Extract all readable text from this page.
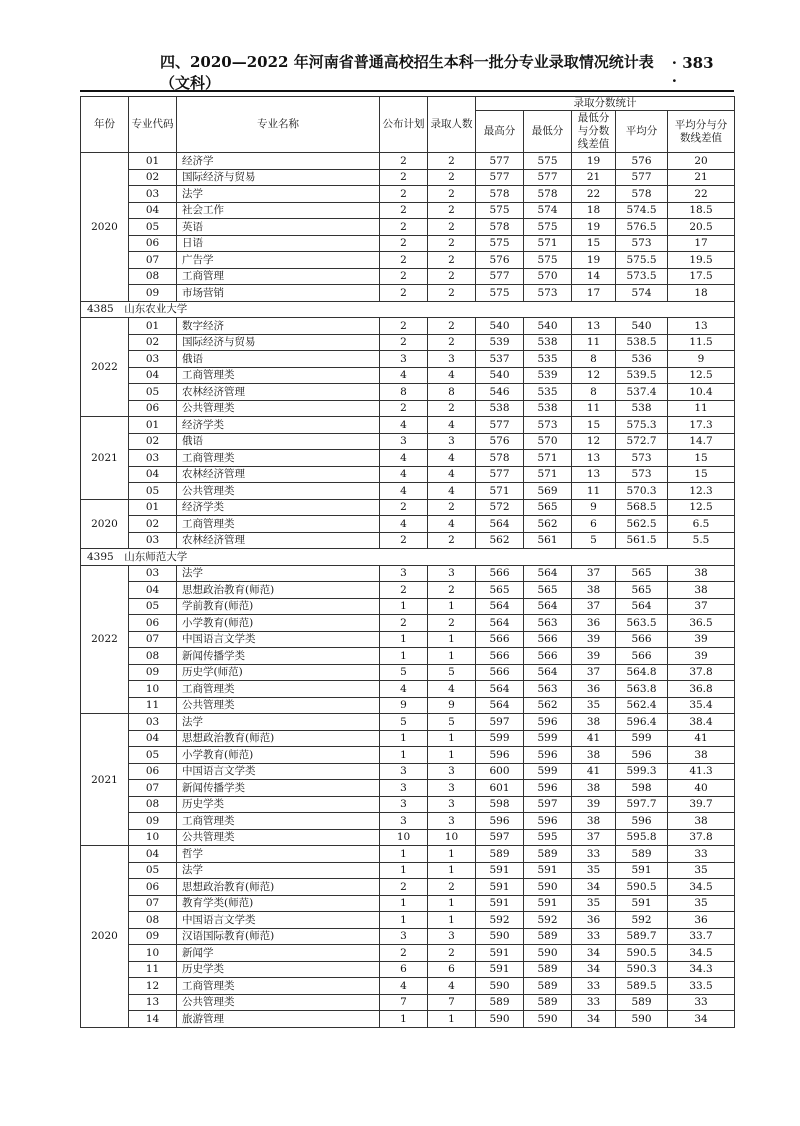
四、2020—2022 年河南省普通高校招生本科一批分专业录取情况统计表（文科）
· 383 ·
年份	专业代码	专业名称	公布计划	录取人数	录取分数统计				
					最高分	最低分	最低分与分数线差值	平均分	平均分与分数线差值
2020	01	经济学	2	2	577	575	19	576	20
	02	国际经济与贸易	2	2	577	577	21	577	21
	03	法学	2	2	578	578	22	578	22
	04	社会工作	2	2	575	574	18	574.5	18.5
	05	英语	2	2	578	575	19	576.5	20.5
	06	日语	2	2	575	571	15	573	17
	07	广告学	2	2	576	575	19	575.5	19.5
	08	工商管理	2	2	577	570	14	573.5	17.5
	09	市场营销	2	2	575	573	17	574	18
4385　山东农业大学									
2022	01	数字经济	2	2	540	540	13	540	13
	02	国际经济与贸易	2	2	539	538	11	538.5	11.5
	03	俄语	3	3	537	535	8	536	9
	04	工商管理类	4	4	540	539	12	539.5	12.5
	05	农林经济管理	8	8	546	535	8	537.4	10.4
	06	公共管理类	2	2	538	538	11	538	11
2021	01	经济学类	4	4	577	573	15	575.3	17.3
	02	俄语	3	3	576	570	12	572.7	14.7
	03	工商管理类	4	4	578	571	13	573	15
	04	农林经济管理	4	4	577	571	13	573	15
	05	公共管理类	4	4	571	569	11	570.3	12.3
2020	01	经济学类	2	2	572	565	9	568.5	12.5
	02	工商管理类	4	4	564	562	6	562.5	6.5
	03	农林经济管理	2	2	562	561	5	561.5	5.5
4395　山东师范大学									
2022	03	法学	3	3	566	564	37	565	38
	04	思想政治教育(师范)	2	2	565	565	38	565	38
	05	学前教育(师范)	1	1	564	564	37	564	37
	06	小学教育(师范)	2	2	564	563	36	563.5	36.5
	07	中国语言文学类	1	1	566	566	39	566	39
	08	新闻传播学类	1	1	566	566	39	566	39
	09	历史学(师范)	5	5	566	564	37	564.8	37.8
	10	工商管理类	4	4	564	563	36	563.8	36.8
	11	公共管理类	9	9	564	562	35	562.4	35.4
2021	03	法学	5	5	597	596	38	596.4	38.4
	04	思想政治教育(师范)	1	1	599	599	41	599	41
	05	小学教育(师范)	1	1	596	596	38	596	38
	06	中国语言文学类	3	3	600	599	41	599.3	41.3
	07	新闻传播学类	3	3	601	596	38	598	40
	08	历史学类	3	3	598	597	39	597.7	39.7
	09	工商管理类	3	3	596	596	38	596	38
	10	公共管理类	10	10	597	595	37	595.8	37.8
2020	04	哲学	1	1	589	589	33	589	33
	05	法学	1	1	591	591	35	591	35
	06	思想政治教育(师范)	2	2	591	590	34	590.5	34.5
	07	教育学类(师范)	1	1	591	591	35	591	35
	08	中国语言文学类	1	1	592	592	36	592	36
	09	汉语国际教育(师范)	3	3	590	589	33	589.7	33.7
	10	新闻学	2	2	591	590	34	590.5	34.5
	11	历史学类	6	6	591	589	34	590.3	34.3
	12	工商管理类	4	4	590	589	33	589.5	33.5
	13	公共管理类	7	7	589	589	33	589	33
	14	旅游管理	1	1	590	590	34	590	34
